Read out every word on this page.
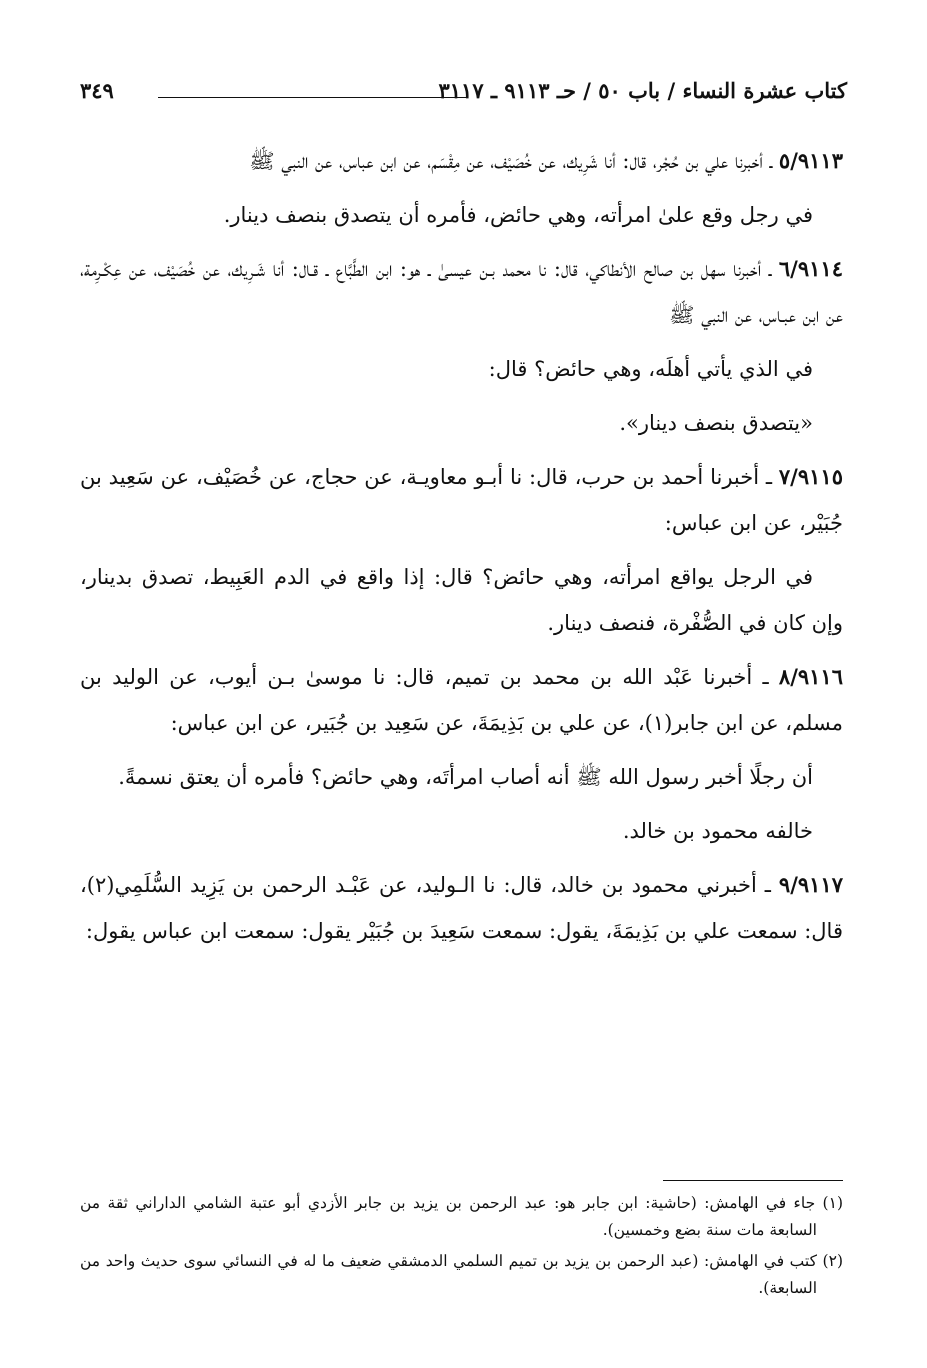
كتاب عشرة النساء / باب ٥٠ / حـ ٩١١٣ ـ ٣١١٧
٣٤٩

٥/٩١١٣ ـ أخبرنا علي بن حُجْر، قال: أنا شَرِيك، عن خُصَيْف، عن مِقْسَم، عن ابن عباس، عن النبي ﷺ

في رجل وقع علىٰ امرأته، وهي حائض، فأمره أن يتصدق بنصف دينار.

٦/٩١١٤ ـ أخبرنا سهل بن صالح الأنطاكي، قال: نا محمد بـن عيسىٰ ـ هو: ابن الطَّبَّاع ـ قـال: أنا شَـرِيك، عن خُصَيْف، عن عِكْـرِمة، عن ابن عبـاس، عن النبي ﷺ

في الذي يأتي أهلَه، وهي حائض؟ قال:

«يتصدق بنصف دينار».

٧/٩١١٥ ـ أخبرنا أحمد بن حرب، قال: نا أبـو معاويـة، عن حجاج، عن خُصَيْف، عن سَعِيد بن جُبَيْر، عن ابن عباس:

في الرجل يواقع امرأته، وهي حائض؟ قال: إذا واقع في الدم العَبِيط، تصدق بدينار، وإن كان في الصُّفْرة، فنصف دينار.

٨/٩١١٦ ـ أخبرنا عَبْد الله بن محمد بن تميم، قال: نا موسىٰ بـن أيوب، عن الوليد بن مسلم، عن ابن جابر(١)، عن علي بن بَذِيمَةَ، عن سَعِيد بن جُبَير، عن ابن عباس:

أن رجلًا أخبر رسول الله ﷺ أنه أصاب امرأتَه، وهي حائض؟ فأمره أن يعتق نسمةً.

خالفه محمود بن خالد.

٩/٩١١٧ ـ أخبرني محمود بن خالد، قال: نا الـوليد، عن عَبْـد الرحمن بن يَزِيد السُّلَمِي(٢)، قال: سمعت علي بن بَذِيمَةَ، يقول: سمعت سَعِيدَ بن جُبَيْر يقول: سمعت ابن عباس يقول:

(١) جاء في الهامش: (حاشية: ابن جابر هو: عبد الرحمن بن يزيد بن جابر الأزدي أبو عتبة الشامي الداراني ثقة من السابعة مات سنة بضع وخمسين).

(٢) كتب في الهامش: (عبد الرحمن بن يزيد بن تميم السلمي الدمشقي ضعيف ما له في النسائي سوى حديث واحد من السابعة).
